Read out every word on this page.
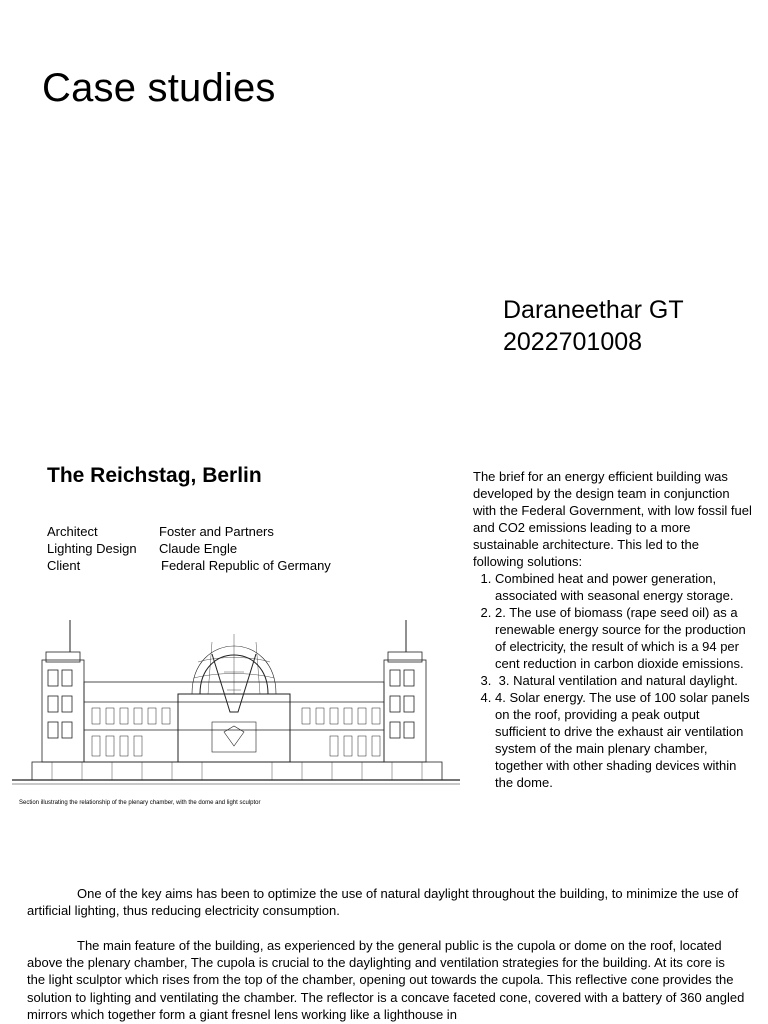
Case studies
Daraneethar GT
2022701008
The Reichstag, Berlin
Architect	Foster and Partners
Lighting Design	Claude Engle
Client	Federal Republic of Germany
Section illustrating the relationship of the plenary chamber, with the dome and light sculptor
The brief for an energy efficient building was developed by the design team in conjunction with the Federal Government, with low fossil fuel and CO2 emissions leading to a more sustainable architecture. This led to the following solutions:
1. Combined heat and power generation, associated with seasonal energy storage.
2. 2. The use of biomass (rape seed oil) as a renewable energy source for the production of electricity, the result of which is a 94 per cent reduction in carbon dioxide emissions.
3.  3. Natural ventilation and natural daylight.
4. 4. Solar energy. The use of 100 solar panels on the roof, providing a peak output sufficient to drive the exhaust air ventilation system of the main plenary chamber, together with other shading devices within the dome.

One of the key aims has been to optimize the use of natural daylight throughout the building, to minimize the use of artificial lighting, thus reducing electricity consumption.

The main feature of the building, as experienced by the general public is the cupola or dome on the roof, located above the plenary chamber, The cupola is crucial to the daylighting and ventilation strategies for the building. At its core is the light sculptor which rises from the top of the chamber, opening out towards the cupola. This reflective cone provides the solution to lighting and ventilating the chamber. The reflector is a concave faceted cone, covered with a battery of 360 angled mirrors which together form a giant fresnel lens working like a lighthouse in
